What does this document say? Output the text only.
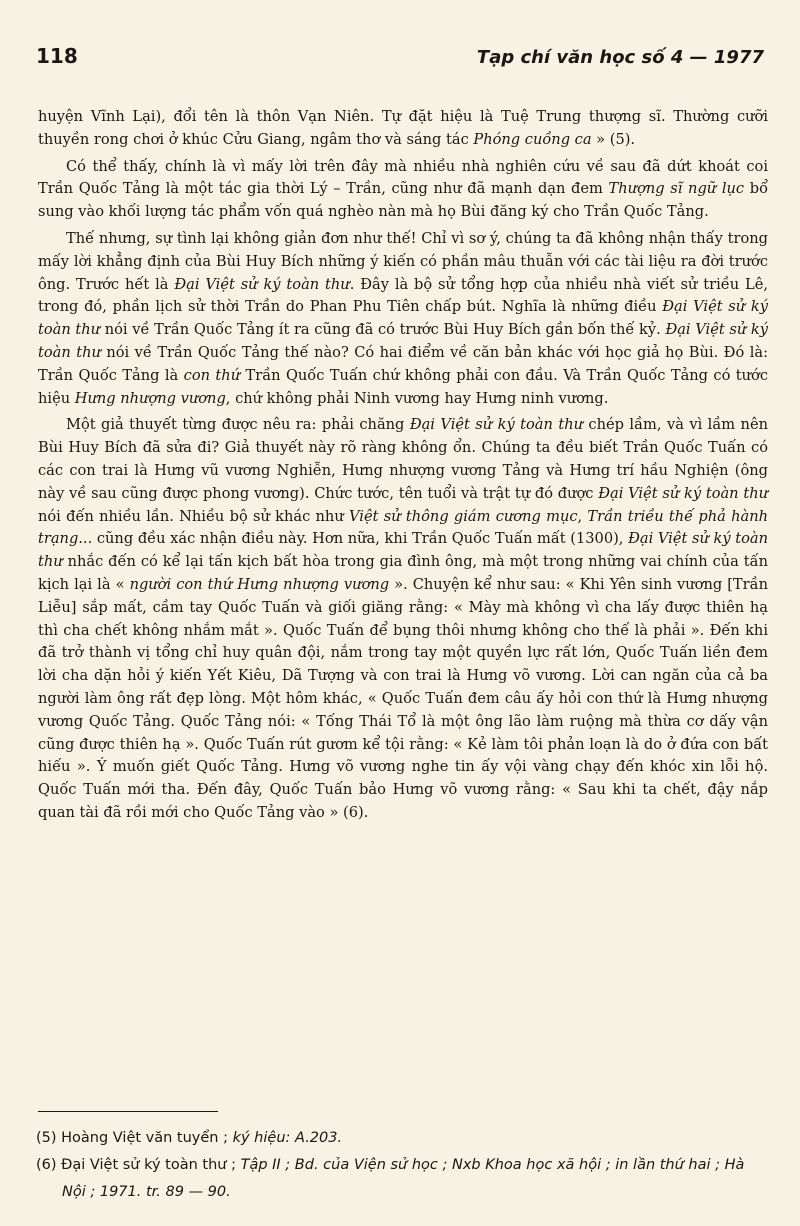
118	Tạp chí văn học số 4 — 1977

huyện Vĩnh Lại), đổi tên là thôn Vạn Niên. Tự đặt hiệu là Tuệ Trung thượng sĩ. Thường cưỡi thuyền rong chơi ở khúc Cửu Giang, ngâm thơ và sáng tác Phóng cuồng ca » (5).

Có thể thấy, chính là vì mấy lời trên đây mà nhiều nhà nghiên cứu về sau đã dứt khoát coi Trần Quốc Tảng là một tác gia thời Lý – Trần, cũng như đã mạnh dạn đem Thượng sĩ ngữ lục bổ sung vào khối lượng tác phẩm vốn quá nghèo nàn mà họ Bùi đăng ký cho Trần Quốc Tảng.

Thế nhưng, sự tình lại không giản đơn như thế! Chỉ vì sơ ý, chúng ta đã không nhận thấy trong mấy lời khẳng định của Bùi Huy Bích những ý kiến có phần mâu thuẫn với các tài liệu ra đời trước ông. Trước hết là Đại Việt sử ký toàn thư. Đây là bộ sử tổng hợp của nhiều nhà viết sử triều Lê, trong đó, phần lịch sử thời Trần do Phan Phu Tiên chấp bút. Nghĩa là những điều Đại Việt sử ký toàn thư nói về Trần Quốc Tảng ít ra cũng đã có trước Bùi Huy Bích gần bốn thế kỷ. Đại Việt sử ký toàn thư nói về Trần Quốc Tảng thế nào? Có hai điểm về căn bản khác với học giả họ Bùi. Đó là: Trần Quốc Tảng là con thứ Trần Quốc Tuấn chứ không phải con đầu. Và Trần Quốc Tảng có tước hiệu Hưng nhượng vương, chứ không phải Ninh vương hay Hưng ninh vương.

Một giả thuyết từng được nêu ra: phải chăng Đại Việt sử ký toàn thư chép lầm, và vì lầm nên Bùi Huy Bích đã sửa đi? Giả thuyết này rõ ràng không ổn. Chúng ta đều biết Trần Quốc Tuấn có các con trai là Hưng vũ vương Nghiễn, Hưng nhượng vương Tảng và Hưng trí hầu Nghiện (ông này về sau cũng được phong vương). Chức tước, tên tuổi và trật tự đó được Đại Việt sử ký toàn thư nói đến nhiều lần. Nhiều bộ sử khác như Việt sử thông giám cương mục, Trần triều thế phả hành trạng... cũng đều xác nhận điều này. Hơn nữa, khi Trần Quốc Tuấn mất (1300), Đại Việt sử ký toàn thư nhắc đến có kể lại tấn kịch bất hòa trong gia đình ông, mà một trong những vai chính của tấn kịch lại là « người con thứ Hưng nhượng vương ». Chuyện kể như sau: « Khi Yên sinh vương [Trần Liễu] sắp mất, cầm tay Quốc Tuấn và giối giăng rằng: « Mày mà không vì cha lấy được thiên hạ thì cha chết không nhắm mắt ». Quốc Tuấn để bụng thôi nhưng không cho thế là phải ». Đến khi đã trở thành vị tổng chỉ huy quân đội, nắm trong tay một quyền lực rất lớn, Quốc Tuấn liền đem lời cha dặn hỏi ý kiến Yết Kiêu, Dã Tượng và con trai là Hưng võ vương. Lời can ngăn của cả ba người làm ông rất đẹp lòng. Một hôm khác, « Quốc Tuấn đem câu ấy hỏi con thứ là Hưng nhượng vương Quốc Tảng. Quốc Tảng nói: « Tống Thái Tổ là một ông lão làm ruộng mà thừa cơ dấy vận cũng được thiên hạ ». Quốc Tuấn rút gươm kể tội rằng: « Kẻ làm tôi phản loạn là do ở đứa con bất hiếu ». Ý muốn giết Quốc Tảng. Hưng võ vương nghe tin ấy vội vàng chạy đến khóc xin lỗi hộ. Quốc Tuấn mới tha. Đến đây, Quốc Tuấn bảo Hưng võ vương rằng: « Sau khi ta chết, đậy nắp quan tài đã rồi mới cho Quốc Tảng vào » (6).

(5) Hoàng Việt văn tuyển ; ký hiệu: A.203.
(6) Đại Việt sử ký toàn thư ; Tập II ; Bd. của Viện sử học ; Nxb Khoa học xã hội ; in lần thứ hai ; Hà Nội ; 1971. tr. 89 — 90.
